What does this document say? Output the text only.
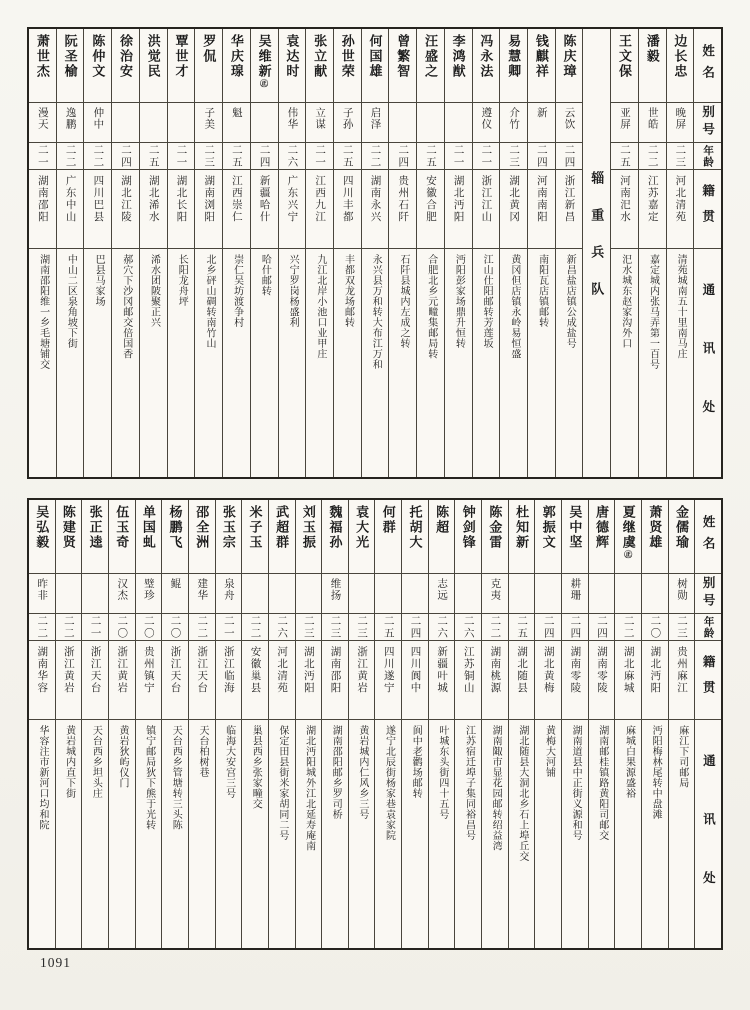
姓名
别号
年龄
籍贯
通讯处
边长忠
晚屏
二三
河北清苑
清苑城南五十里南马庄
潘毅
世皓
二二
江苏嘉定
嘉定城内张马弄第一百号
王文保
亚屏
二五
河南汜水
汜水城东赵家沟外口
辎重兵队
陈庆璋
云饮
二四
浙江新昌
新昌盐店镇公成盐号
钱麒祥
新
二四
河南南阳
南阳瓦店镇邮转
易慧卿
介竹
二三
湖北黄冈
黄冈但店镇永岭易恒盛
冯永法
遵仪
二一
浙江江山
江山仕阳邮转芳莲坂
李鸿猷
二一
湖北沔阳
沔阳彭家场鼎升恒转
汪盛之
二五
安徽合肥
合肥北乡元疃集邮局转
曾繁智
二四
贵州石阡
石阡县城内左成之转
何国雄
启泽
二二
湖南永兴
永兴县万和转大布江万和
孙世荣
子孙
二五
四川丰都
丰都双龙场邮转
张立献
立谋
二一
江西九江
九江北岸小池口业甲庄
袁达时
伟华
二六
广东兴宁
兴宁罗岗杨盛利
吴维新㊣
二四
新疆哈什
哈什邮转
华庆瑔
魁
二五
江西崇仁
崇仁吴坊渡争村
罗侃
子美
二三
湖南浏阳
北乡砰山碉转南竹山
覃世才
二一
湖北长阳
长阳龙舟坪
洪觉民
二五
湖北浠水
浠水团陂聚正兴
徐治安
二四
湖北江陵
郝穴下沙冈邮交倍国香
陈仲文
仲中
二二
四川巴县
巴县马家场
阮圣榆
逸鹏
二二
广东中山
中山二区泉角坡下街
萧世杰
漫天
二一
湖南邵阳
湖南邵阳维一乡毛塘铺交
姓名
别号
年龄
籍贯
通讯处
金儒瑜
树勋
二三
贵州麻江
麻江下司邮局
萧贤雄
二〇
湖北沔阳
沔阳梅林尾转中盘滩
夏继虞㊣
二二
湖北麻城
麻城白果源盛裕
唐德辉
二四
湖南零陵
湖南邮桂镇路黄阳司邮交
吴中坚
耕珊
二四
湖南零陵
湖南道县中正街义源和号
郭振文
二四
湖北黄梅
黄梅大河铺
杜知新
二五
湖北随县
湖北随县大洞北乡石上埠丘交
陈金雷
克夷
二二
湖南桃源
湖南陬市显花园邮转绍益湾
钟剑锋
二六
江苏铜山
江苏宿迁埠子集同裕昌号
陈超
志远
二六
新疆叶城
叶城东头街四十五号
托胡大
二四
四川阆中
阆中老鹳场邮转
何群
二五
四川遂宁
遂宁北辰街杨家巷袁家院
袁大光
二三
浙江黄岩
黄岩城内仁风乡三号
魏福孙
维扬
二三
湖南邵阳
湖南邵阳邮乡罗司桥
刘玉振
二三
湖北沔阳
湖北沔阳城外江北延寿庵南
武超群
二六
河北清苑
保定田县街米家胡同二号
米子玉
二二
安徽巢县
巢县西乡张家疃交
张玉宗
泉舟
二一
浙江临海
临海大安宫三号
邵全洲
建华
二二
浙江天台
天台柏树巷
杨鹏飞
鲲
二〇
浙江天台
天台西乡管塘转三头陈
单国虬
璧珍
二〇
贵州镇宁
镇宁邮局狄下熊于光转
伍玉奇
汉杰
二〇
浙江黄岩
黄岩狄屿仪门
张正逵
二一
浙江天台
天台西乡坦头庄
陈建贤
二二
浙江黄岩
黄岩城内直下街
吴弘毅
昨非
二二
湖南华容
华容注市新河口均和院
1091
